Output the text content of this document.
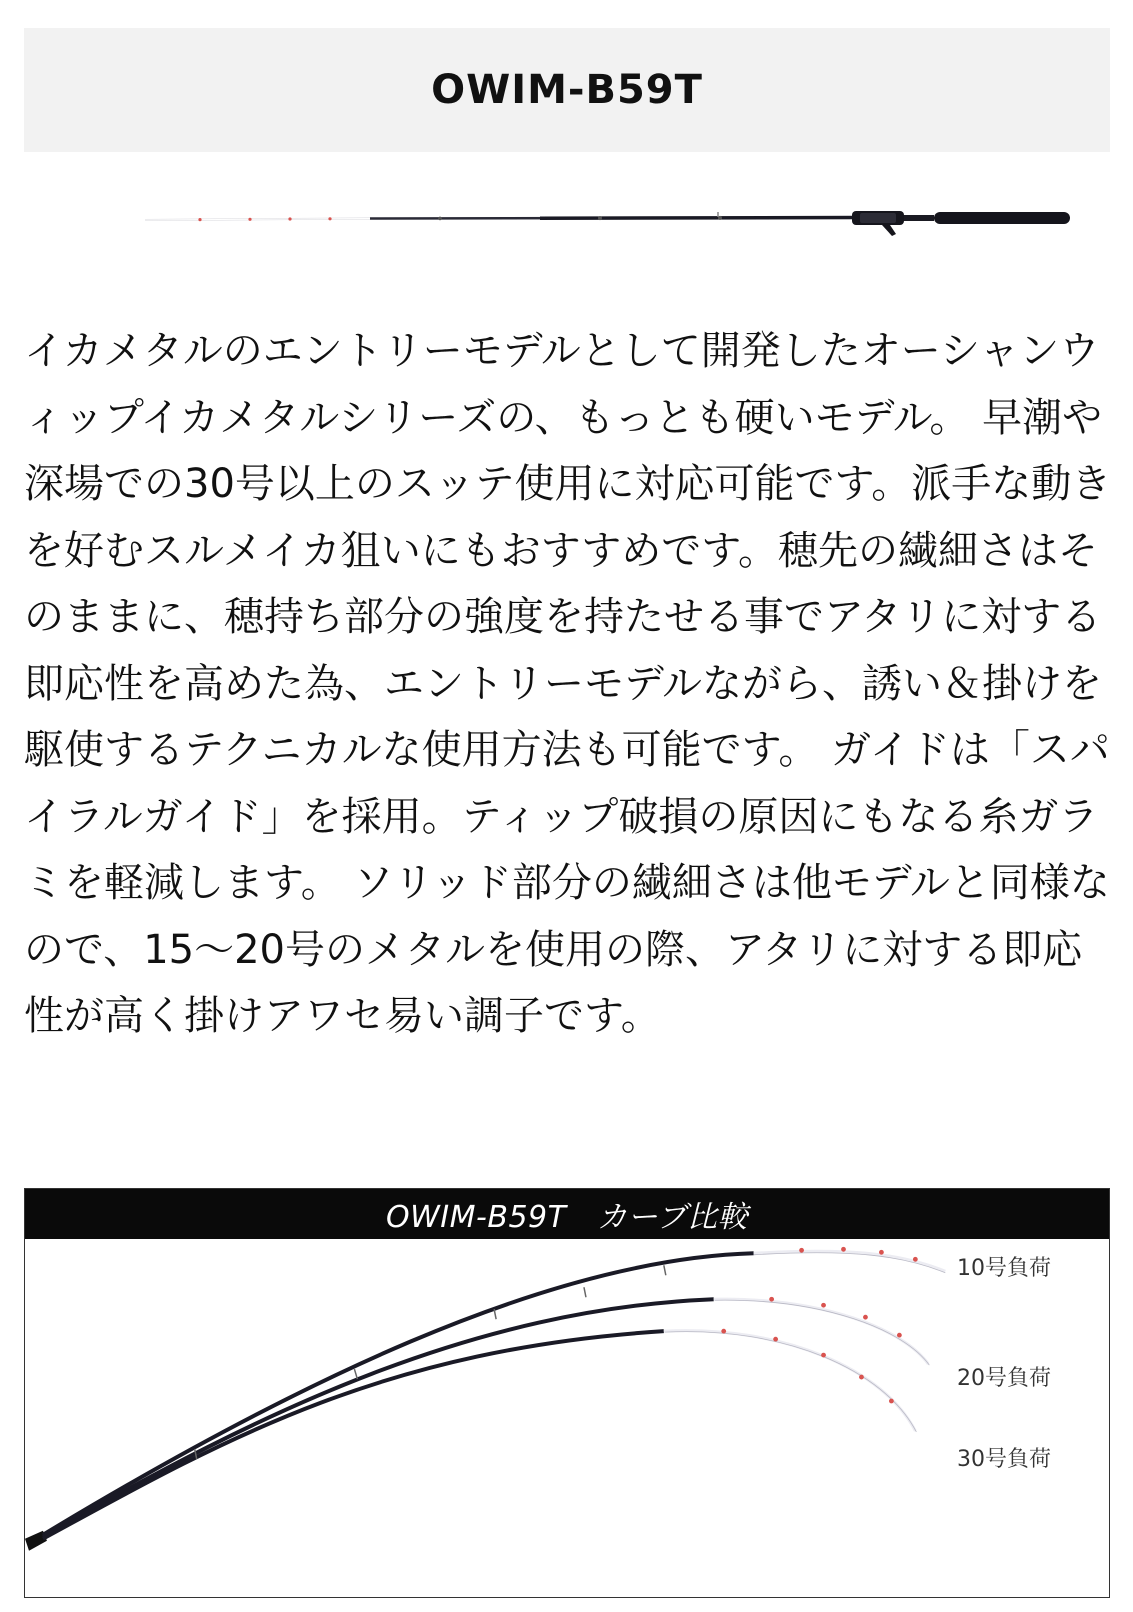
OWIM-B59T

イカメタルのエントリーモデルとして開発したオーシャンウィップイカメタルシリーズの、もっとも硬いモデル。 早潮や深場での30号以上のスッテ使用に対応可能です。派手な動きを好むスルメイカ狙いにもおすすめです。穂先の繊細さはそのままに、穂持ち部分の強度を持たせる事でアタリに対する即応性を高めた為、エントリーモデルながら、誘い＆掛けを駆使するテクニカルな使用方法も可能です。 ガイドは「スパイラルガイド」を採用。ティップ破損の原因にもなる糸ガラミを軽減します。 ソリッド部分の繊細さは他モデルと同様なので、15〜20号のメタルを使用の際、アタリに対する即応性が高く掛けアワセ易い調子です。

OWIM-B59T　カーブ比較
10号負荷
20号負荷
30号負荷
